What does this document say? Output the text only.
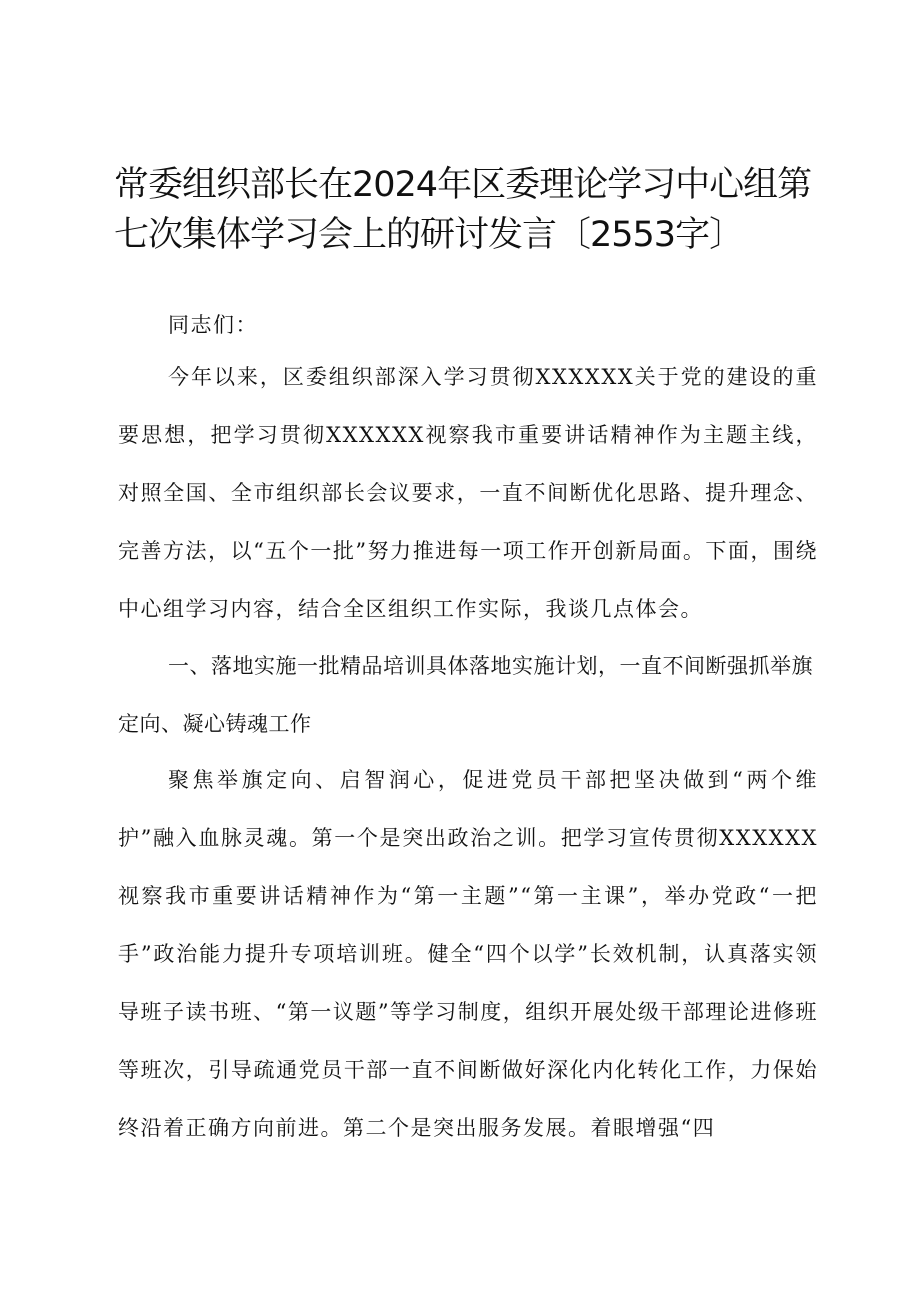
常委组织部长在2024年区委理论学习中心组第七次集体学习会上的研讨发言〔2553字〕

同志们：

今年以来，区委组织部深入学习贯彻XXXXXX关于党的建设的重要思想，把学习贯彻XXXXXX视察我市重要讲话精神作为主题主线，对照全国、全市组织部长会议要求，一直不间断优化思路、提升理念、完善方法，以“五个一批”努力推进每一项工作开创新局面。下面，围绕中心组学习内容，结合全区组织工作实际，我谈几点体会。

一、落地实施一批精品培训具体落地实施计划，一直不间断强抓举旗定向、凝心铸魂工作

聚焦举旗定向、启智润心，促进党员干部把坚决做到“两个维护”融入血脉灵魂。第一个是突出政治之训。把学习宣传贯彻XXXXXX视察我市重要讲话精神作为“第一主题”“第一主课”，举办党政“一把手”政治能力提升专项培训班。健全“四个以学”长效机制，认真落实领导班子读书班、“第一议题”等学习制度，组织开展处级干部理论进修班等班次，引导疏通党员干部一直不间断做好深化内化转化工作，力保始终沿着正确方向前进。第二个是突出服务发展。着眼增强“四
